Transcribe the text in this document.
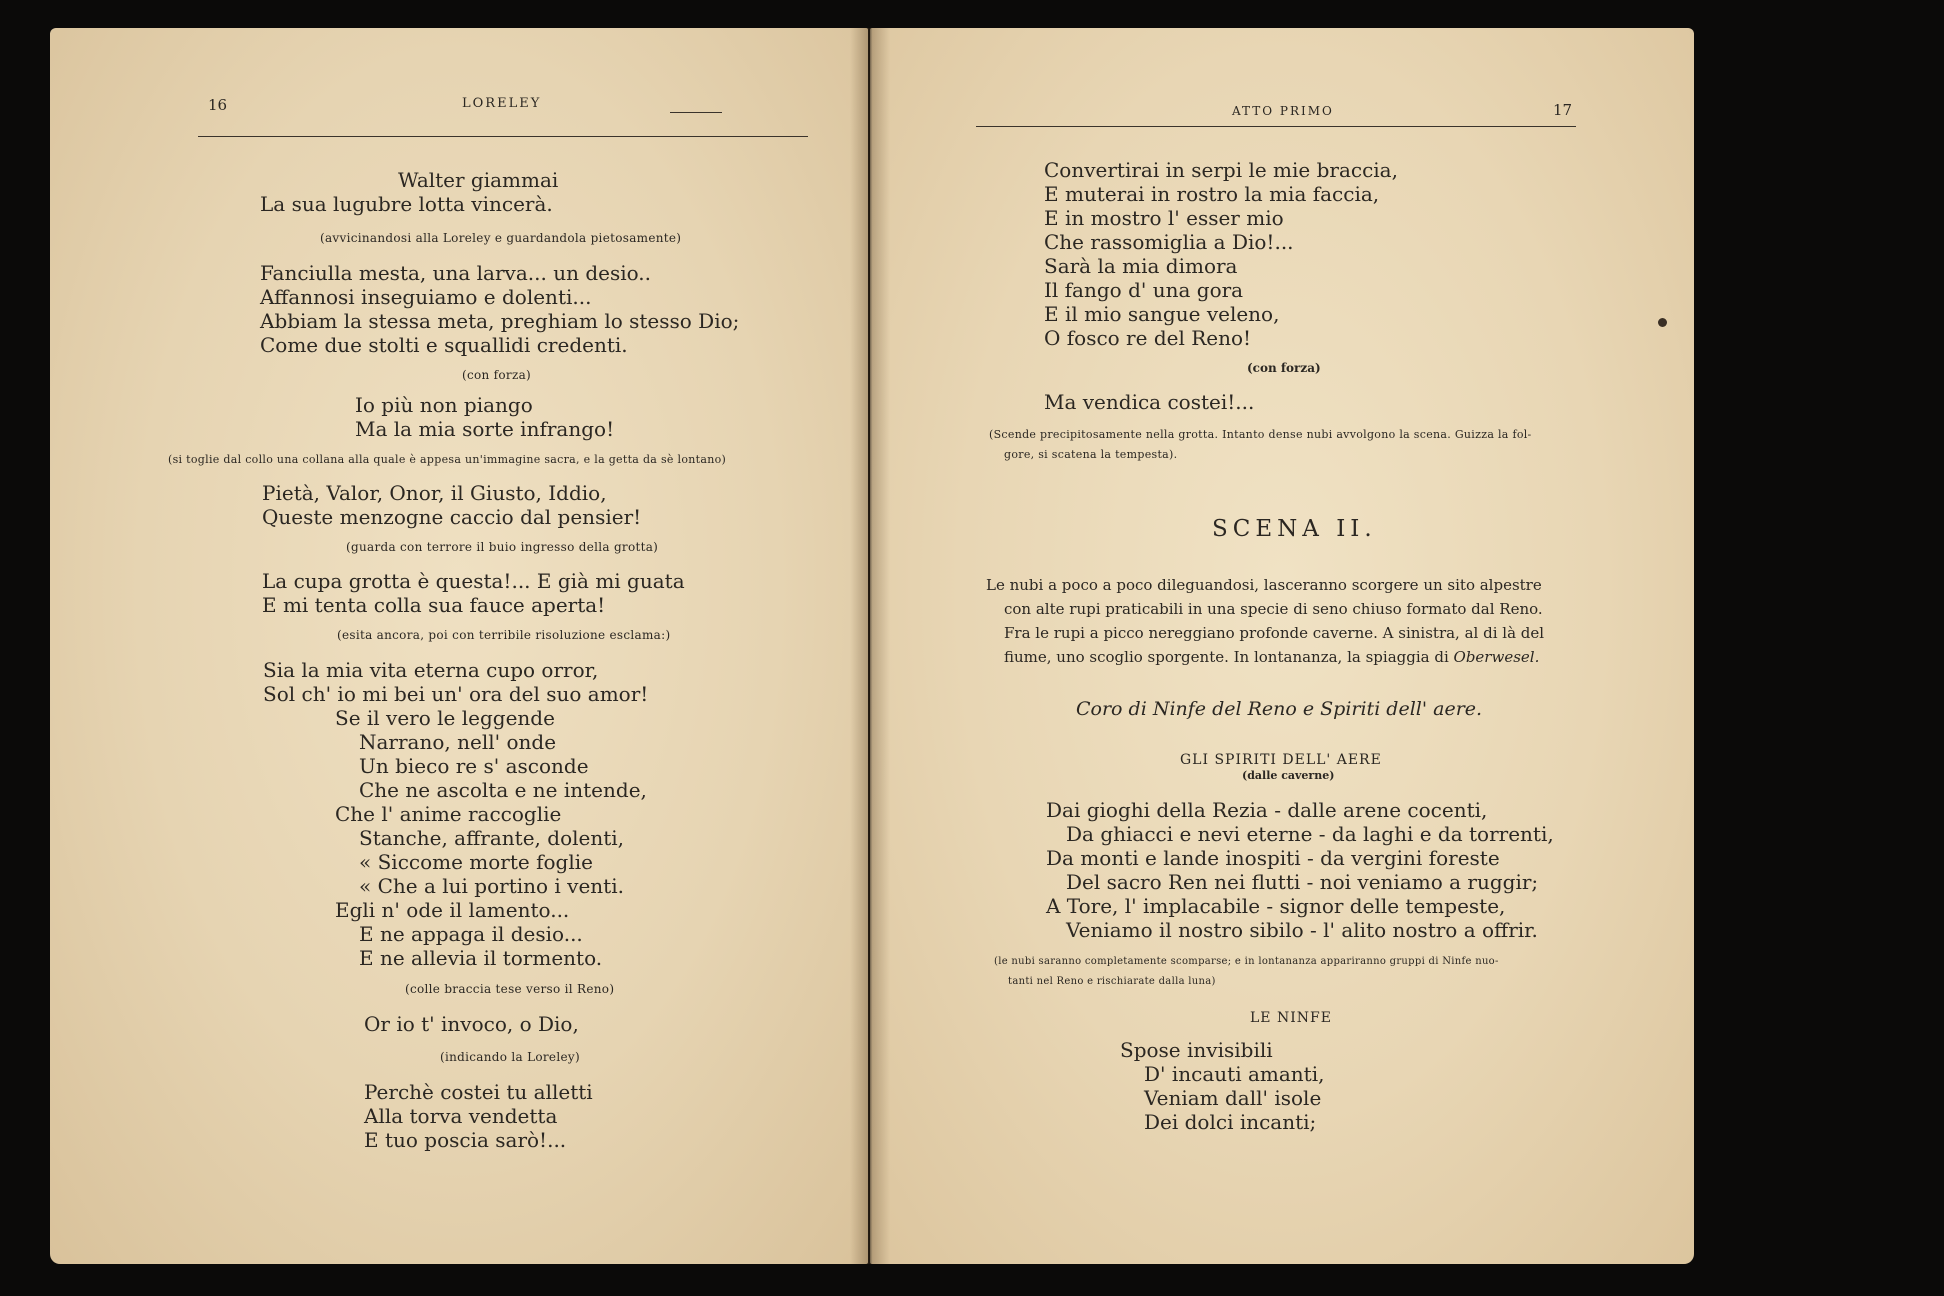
16	LORELEY
Walter giammai
La sua lugubre lotta vincerà.
(avvicinandosi alla Loreley e guardandola pietosamente)
Fanciulla mesta, una larva... un desio..
Affannosi inseguiamo e dolenti...
Abbiam la stessa meta, preghiam lo stesso Dio;
Come due stolti e squallidi credenti.
(con forza)
Io più non piango
Ma la mia sorte infrango!
(si toglie dal collo una collana alla quale è appesa un'immagine sacra, e la getta da sè lontano)
Pietà, Valor, Onor, il Giusto, Iddio,
Queste menzogne caccio dal pensier!
(guarda con terrore il buio ingresso della grotta)
La cupa grotta è questa!... E già mi guata
E mi tenta colla sua fauce aperta!
(esita ancora, poi con terribile risoluzione esclama:)
Sia la mia vita eterna cupo orror,
Sol ch' io mi bei un' ora del suo amor!
Se il vero le leggende
Narrano, nell' onde
Un bieco re s' asconde
Che ne ascolta e ne intende,
Che l' anime raccoglie
Stanche, affrante, dolenti,
« Siccome morte foglie
« Che a lui portino i venti.
Egli n' ode il lamento...
E ne appaga il desio...
E ne allevia il tormento.
(colle braccia tese verso il Reno)
Or io t' invoco, o Dio,
(indicando la Loreley)
Perchè costei tu alletti
Alla torva vendetta
E tuo poscia sarò!...
ATTO PRIMO	17
Convertirai in serpi le mie braccia,
E muterai in rostro la mia faccia,
E in mostro l' esser mio
Che rassomiglia a Dio!...
Sarà la mia dimora
Il fango d' una gora
E il mio sangue veleno,
O fosco re del Reno!
(con forza)
Ma vendica costei!...
(Scende precipitosamente nella grotta. Intanto dense nubi avvolgono la scena. Guizza la fol-
gore, si scatena la tempesta).
SCENA II.
Le nubi a poco a poco dileguandosi, lasceranno scorgere un sito alpestre
con alte rupi praticabili in una specie di seno chiuso formato dal Reno.
Fra le rupi a picco nereggiano profonde caverne. A sinistra, al di là del
fiume, uno scoglio sporgente. In lontananza, la spiaggia di Oberwesel.
Coro di Ninfe del Reno e Spiriti dell' aere.
GLI SPIRITI DELL' AERE
(dalle caverne)
Dai gioghi della Rezia - dalle arene cocenti,
Da ghiacci e nevi eterne - da laghi e da torrenti,
Da monti e lande inospiti - da vergini foreste
Del sacro Ren nei flutti - noi veniamo a ruggir;
A Tore, l' implacabile - signor delle tempeste,
Veniamo il nostro sibilo - l' alito nostro a offrir.
(le nubi saranno completamente scomparse; e in lontananza appariranno gruppi di Ninfe nuo-
tanti nel Reno e rischiarate dalla luna)
LE NINFE
Spose invisibili
D' incauti amanti,
Veniam dall' isole
Dei dolci incanti;
